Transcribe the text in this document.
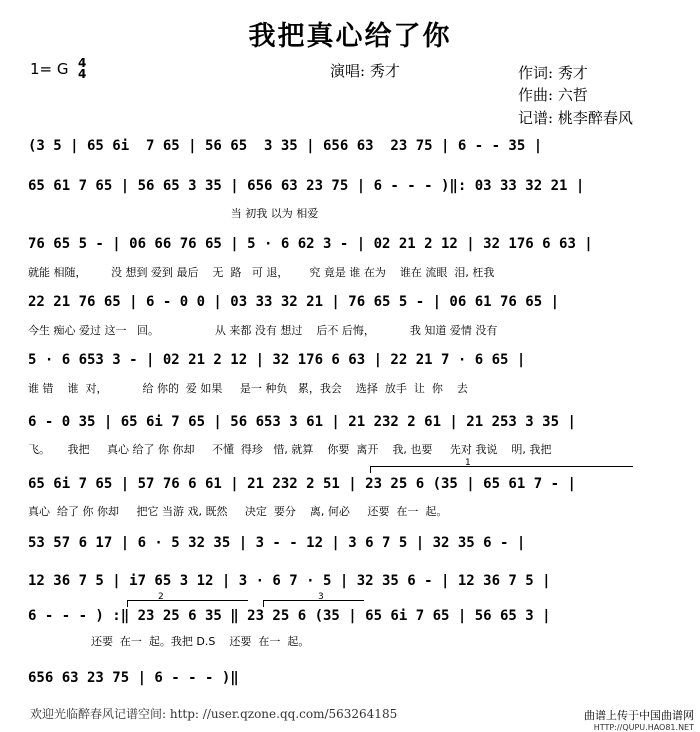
我把真心给了你
1= G 4
4	演唱: 秀才	作词: 秀才
作曲: 六哲
记谱: 桃李醉春风
(3 5 | 65 6i  7 65 | 56 65  3 35 | 656 63  23 75 | 6 - - 35 |
65 61 7 65 | 56 65 3 35 | 656 63 23 75 | 6 - - - )‖: 03 33 32 21 |
当 初我 以为 相爱
76 65 5 - | 06 66 76 65 | 5 · 6 62 3 - | 02 21 2 12 | 32 176 6 63 |
就能 相随，       没 想到 爱到 最后    无  路   可 退，      究 竟是 谁 在为    谁在 流眼  泪, 枉我
22 21 76 65 | 6 - 0 0 | 03 33 32 21 | 76 65 5 - | 06 61 76 65 |
今生 痴心 爱过 这一   回。                从 来都 没有 想过    后不 后悔，          我 知道 爱情 没有
5 · 6 653 3 - | 02 21 2 12 | 32 176 6 63 | 22 21 7 · 6 65 |
谁 错    谁  对，          给 你的  爱 如果     是一 种负   累，我会    选择  放手  让  你    去
6 - 0 35 | 65 6i 7 65 | 56 653 3 61 | 21 232 2 61 | 21 253 3 35 |
飞。     我把     真心 给了 你 你却     不懂  得珍   惜, 就算    你要  离开    我, 也要     先对 我说    明, 我把
1
65 6i 7 65 | 57 76 6 61 | 21 232 2 51 | 23 25 6 (35 | 65 61 7 - |
真心  给了 你 你却     把它 当游 戏, 既然     决定  要分    离, 何必     还要  在一  起。
53 57 6 17 | 6 · 5 32 35 | 3 - - 12 | 3 6 7 5 | 32 35 6 - |
12 36 7 5 | i7 65 3 12 | 3 · 6 7 · 5 | 32 35 6 - | 12 36 7 5 |
2	3
6 - - - ) :‖ 23 25 6 35 ‖ 23 25 6 (35 | 65 6i 7 65 | 56 65 3 |
还要  在一  起。我把 D.S    还要  在一  起。
656 63 23 75 | 6 - - - )‖
欢迎光临醉春风记谱空间: http: //user.qzone.qq.com/563264185	曲谱上传于中国曲谱网
HTTP://QUPU.HAO81.NET
